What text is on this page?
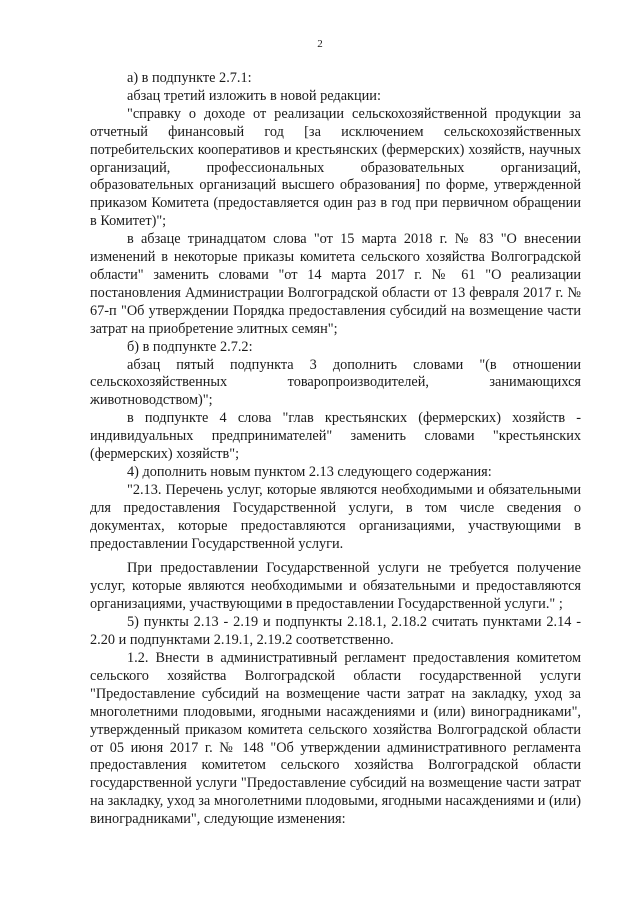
2

а) в подпункте 2.7.1:

абзац третий изложить в новой редакции:

"справку о доходе от реализации сельскохозяйственной продукции за отчетный финансовый год [за исключением сельскохозяйственных потребительских кооперативов и крестьянских (фермерских) хозяйств, научных организаций, профессиональных образовательных организаций, образовательных организаций высшего образования] по форме, утвержденной приказом Комитета (предоставляется один раз в год при первичном обращении в Комитет)";

в абзаце тринадцатом слова "от 15 марта 2018 г. № 83 "О внесении изменений в некоторые приказы комитета сельского хозяйства Волгоградской области" заменить словами "от 14 марта 2017 г. № 61 "О реализации постановления Администрации Волгоградской области от 13 февраля 2017 г. № 67-п "Об утверждении Порядка предоставления субсидий на возмещение части затрат на приобретение элитных семян";

б) в подпункте 2.7.2:

абзац пятый подпункта 3 дополнить словами "(в отношении сельскохозяйственных товаропроизводителей, занимающихся животноводством)";

в подпункте 4 слова "глав крестьянских (фермерских) хозяйств - индивидуальных предпринимателей" заменить словами "крестьянских (фермерских) хозяйств";

4) дополнить новым пунктом 2.13 следующего содержания:

"2.13. Перечень услуг, которые являются необходимыми и обязательными для предоставления Государственной услуги, в том числе сведения о документах, которые предоставляются организациями, участвующими в предоставлении Государственной услуги.

При предоставлении Государственной услуги не требуется получение услуг, которые являются необходимыми и обязательными и предоставляются организациями, участвующими в предоставлении Государственной услуги." ;

5) пункты 2.13 - 2.19 и подпункты 2.18.1, 2.18.2 считать пунктами 2.14 - 2.20 и подпунктами 2.19.1, 2.19.2 соответственно.

1.2. Внести в административный регламент предоставления комитетом сельского хозяйства Волгоградской области государственной услуги "Предоставление субсидий на возмещение части затрат на закладку, уход за многолетними плодовыми, ягодными насаждениями и (или) виноградниками", утвержденный приказом комитета сельского хозяйства Волгоградской области от 05 июня 2017 г. № 148 "Об утверждении административного регламента предоставления комитетом сельского хозяйства Волгоградской области государственной услуги "Предоставление субсидий на возмещение части затрат на закладку, уход за многолетними плодовыми, ягодными насаждениями и (или) виноградниками", следующие изменения:
